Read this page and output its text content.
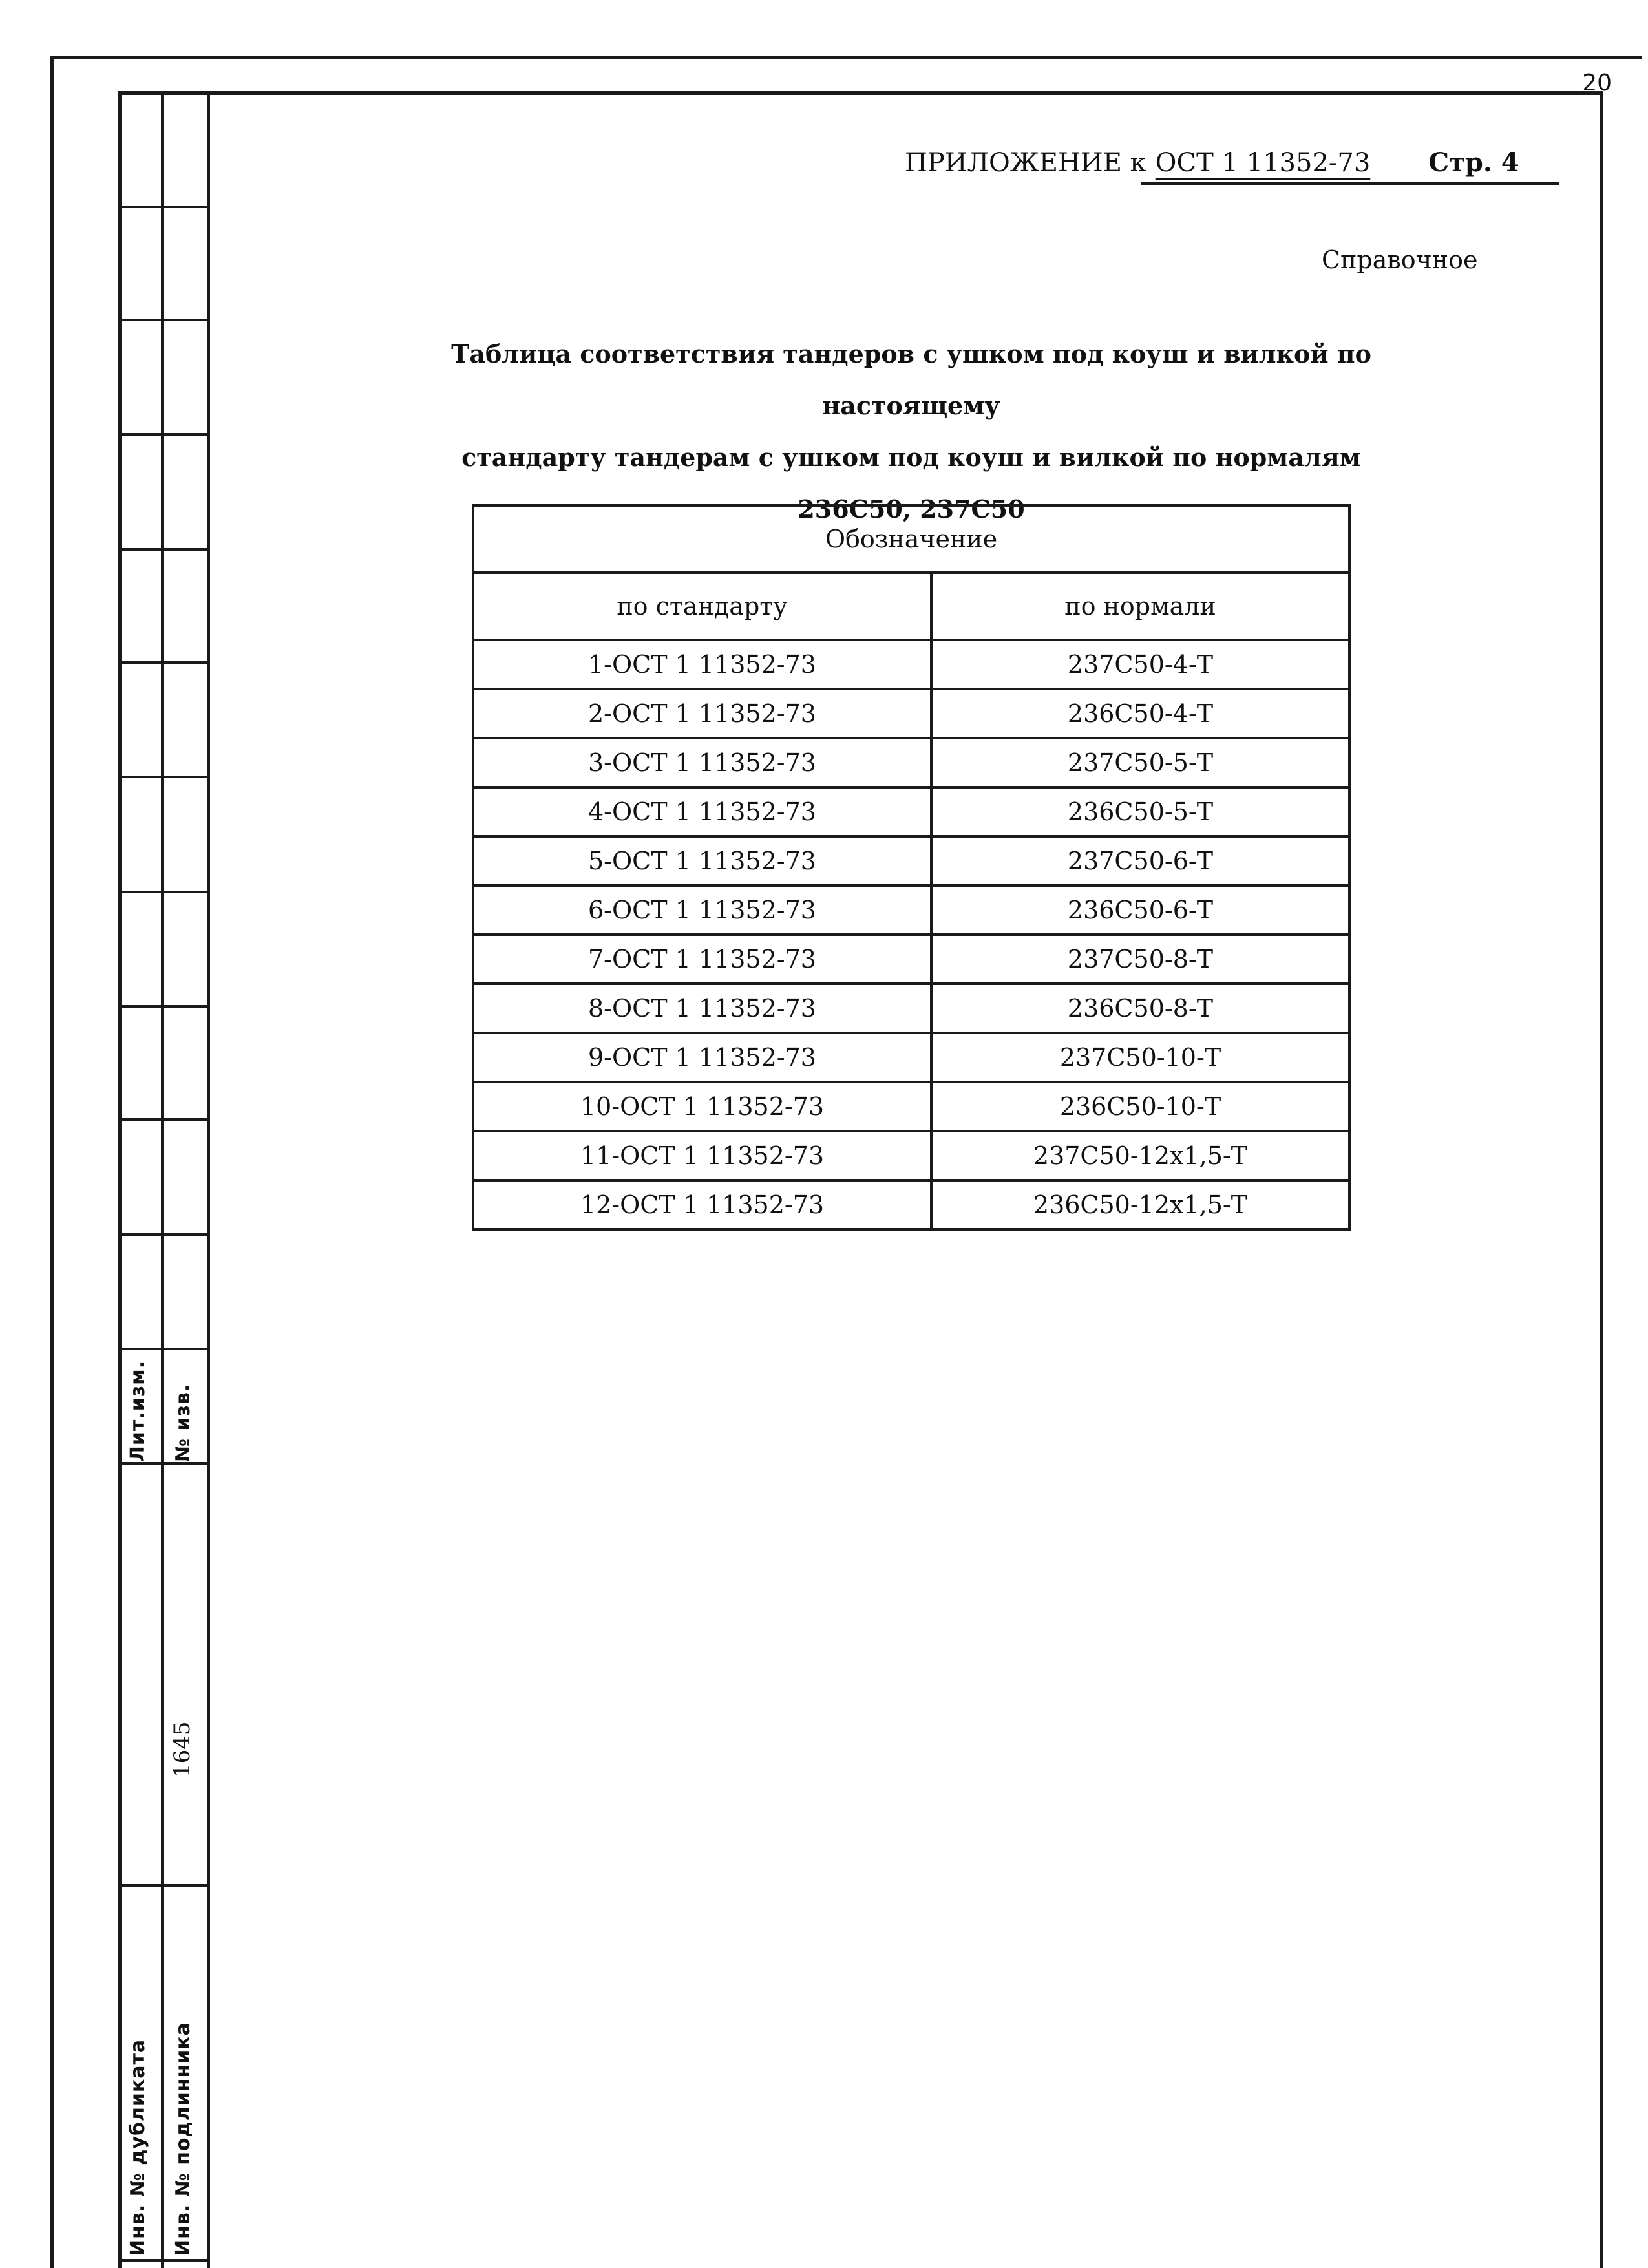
Лит.изм. № изв.
1645
Инв. № дубликата Инв. № подлинника
20
ПРИЛОЖЕНИЕ к ОСТ 1 11352-73 Стр. 4
Справочное
Таблица соответствия тандеров с ушком под коуш и вилкой по настоящему
стандарту тандерам с ушком под коуш и вилкой по нормалям
236С50, 237С50
Обозначение	
по стандарту	по нормали
1-ОСТ 1 11352-73	237С50-4-Т
2-ОСТ 1 11352-73	236С50-4-Т
3-ОСТ 1 11352-73	237С50-5-Т
4-ОСТ 1 11352-73	236С50-5-Т
5-ОСТ 1 11352-73	237С50-6-Т
6-ОСТ 1 11352-73	236С50-6-Т
7-ОСТ 1 11352-73	237С50-8-Т
8-ОСТ 1 11352-73	236С50-8-Т
9-ОСТ 1 11352-73	237С50-10-Т
10-ОСТ 1 11352-73	236С50-10-Т
11-ОСТ 1 11352-73	237С50-12х1,5-Т
12-ОСТ 1 11352-73	236С50-12х1,5-Т
